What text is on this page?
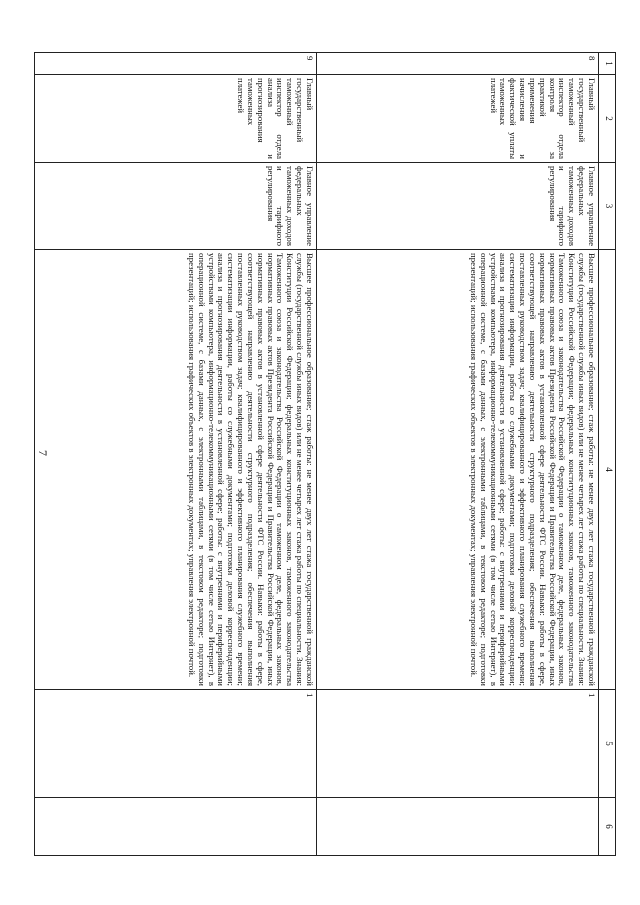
7
1	2	3	4	5	6
8	Главный государственный таможенный инспектор отдела контроля за практикой применения начисления и фактической уплаты таможенных платежей	Главное управление федеральных таможенных доходов и тарифного регулирования	Высшее профессиональное образование; стаж работы: не менее двух лет стажа государственной гражданской службы (государственной службы иных видов) или не менее четырех лет стажа работы по специальности. Знания: Конституции Российской Федерации; федеральных конституционных законов, таможенного законодательства Таможенного союза и законодательства Российской Федерации о таможенном деле, федеральных законов, нормативных правовых актов Президента Российской Федерации и Правительства Российской Федерации, иных нормативных правовых актов в установленной сфере деятельности ФТС России. Навыки: работы в сфере, соответствующей направлению деятельности структурного подразделения; обеспечения выполнения поставленных руководством задач; квалифицированного и эффективного планирования служебного времени; систематизации информации, работы со служебными документами; подготовки деловой корреспонденции; анализа и прогнозирования деятельности в установленной сфере; работы: с внутренними и периферийными устройствами компьютера, информационно-телекоммуникационными сетями (в том числе сетью Интернет), в операционной системе, с базами данных, с электронными таблицами, в текстовом редакторе; подготовки презентаций; использования графических объектов в электронных документах; управления электронной почтой.	1	
9	Главный государственный таможенный инспектор отдела анализа и прогнозирования таможенных платежей	Главное управление федеральных таможенных доходов и тарифного регулирования	Высшее профессиональное образование; стаж работы: не менее двух лет стажа государственной гражданской службы (государственной службы иных видов) или не менее четырех лет стажа работы по специальности. Знания: Конституции Российской Федерации; федеральных конституционных законов, таможенного законодательства Таможенного союза и законодательства Российской Федерации о таможенном деле, федеральных законов, нормативных правовых актов Президента Российской Федерации и Правительства Российской Федерации, иных нормативных правовых актов в установленной сфере деятельности ФТС России. Навыки: работы в сфере, соответствующей направлению деятельности структурного подразделения; обеспечения выполнения поставленных руководством задач; квалифицированного и эффективного планирования служебного времени; систематизации информации, работы со служебными документами; подготовки деловой корреспонденции; анализа и прогнозирования деятельности в установленной сфере; работы: с внутренними и периферийными устройствами компьютера, информационно-телекоммуникационными сетями (в том числе сетью Интернет), в операционной системе, с базами данных, с электронными таблицами, в текстовом редакторе; подготовки презентаций; использования графических объектов в электронных документах; управления электронной почтой.	1	
